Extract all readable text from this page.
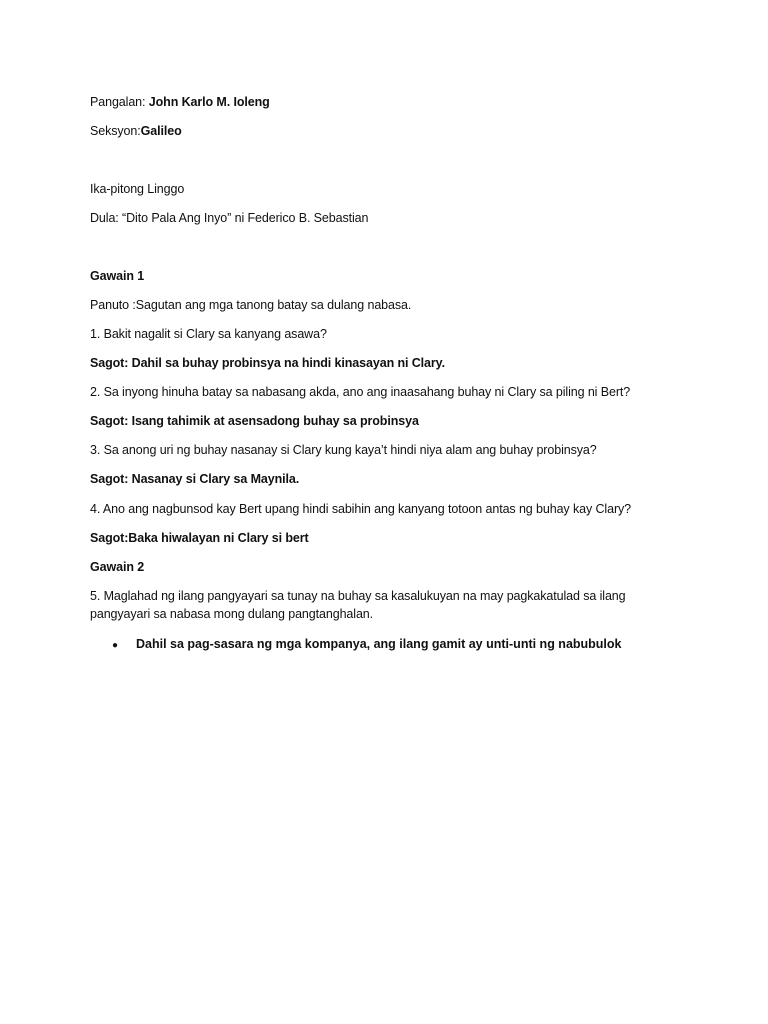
Pangalan: John Karlo M. Ioleng
Seksyon:Galileo
Ika-pitong Linggo
Dula: “Dito Pala Ang Inyo” ni Federico B. Sebastian
Gawain 1
Panuto :Sagutan ang mga tanong batay sa dulang nabasa.
1. Bakit nagalit si Clary sa kanyang asawa?
Sagot: Dahil sa buhay probinsya na hindi kinasayan ni Clary.
2. Sa inyong hinuha batay sa nabasang akda, ano ang inaasahang buhay ni Clary sa piling ni Bert?
Sagot: Isang tahimik at asensadong buhay sa probinsya
3. Sa anong uri ng buhay nasanay si Clary kung kaya’t hindi niya alam ang buhay probinsya?
Sagot: Nasanay si Clary sa Maynila.
4. Ano ang nagbunsod kay Bert upang hindi sabihin ang kanyang totoon antas ng buhay kay Clary?
Sagot:Baka hiwalayan ni Clary si bert
Gawain 2
5. Maglahad ng ilang pangyayari sa tunay na buhay sa kasalukuyan na may pagkakatulad sa ilang pangyayari sa nabasa mong dulang pangtanghalan.
● Dahil sa pag-sasara ng mga kompanya, ang ilang gamit ay unti-unti ng nabubulok
